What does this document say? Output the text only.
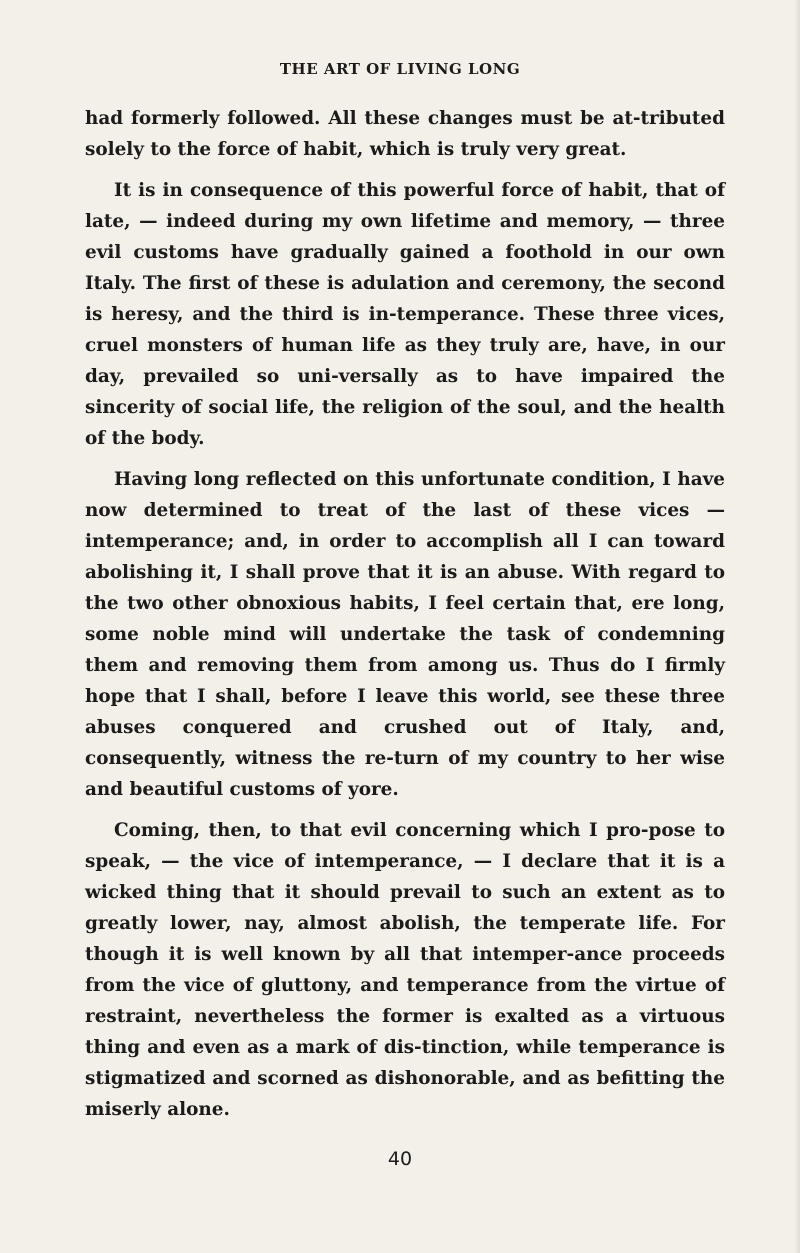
THE ART OF LIVING LONG

had formerly followed. All these changes must be at-tributed solely to the force of habit, which is truly very great.

It is in consequence of this powerful force of habit, that of late, — indeed during my own lifetime and memory, — three evil customs have gradually gained a foothold in our own Italy. The first of these is adulation and ceremony, the second is heresy, and the third is in-temperance. These three vices, cruel monsters of human life as they truly are, have, in our day, prevailed so uni-versally as to have impaired the sincerity of social life, the religion of the soul, and the health of the body.

Having long reflected on this unfortunate condition, I have now determined to treat of the last of these vices — intemperance; and, in order to accomplish all I can toward abolishing it, I shall prove that it is an abuse. With regard to the two other obnoxious habits, I feel certain that, ere long, some noble mind will undertake the task of condemning them and removing them from among us. Thus do I firmly hope that I shall, before I leave this world, see these three abuses conquered and crushed out of Italy, and, consequently, witness the re-turn of my country to her wise and beautiful customs of yore.

Coming, then, to that evil concerning which I pro-pose to speak, — the vice of intemperance, — I declare that it is a wicked thing that it should prevail to such an extent as to greatly lower, nay, almost abolish, the temperate life. For though it is well known by all that intemper-ance proceeds from the vice of gluttony, and temperance from the virtue of restraint, nevertheless the former is exalted as a virtuous thing and even as a mark of dis-tinction, while temperance is stigmatized and scorned as dishonorable, and as befitting the miserly alone.

40
